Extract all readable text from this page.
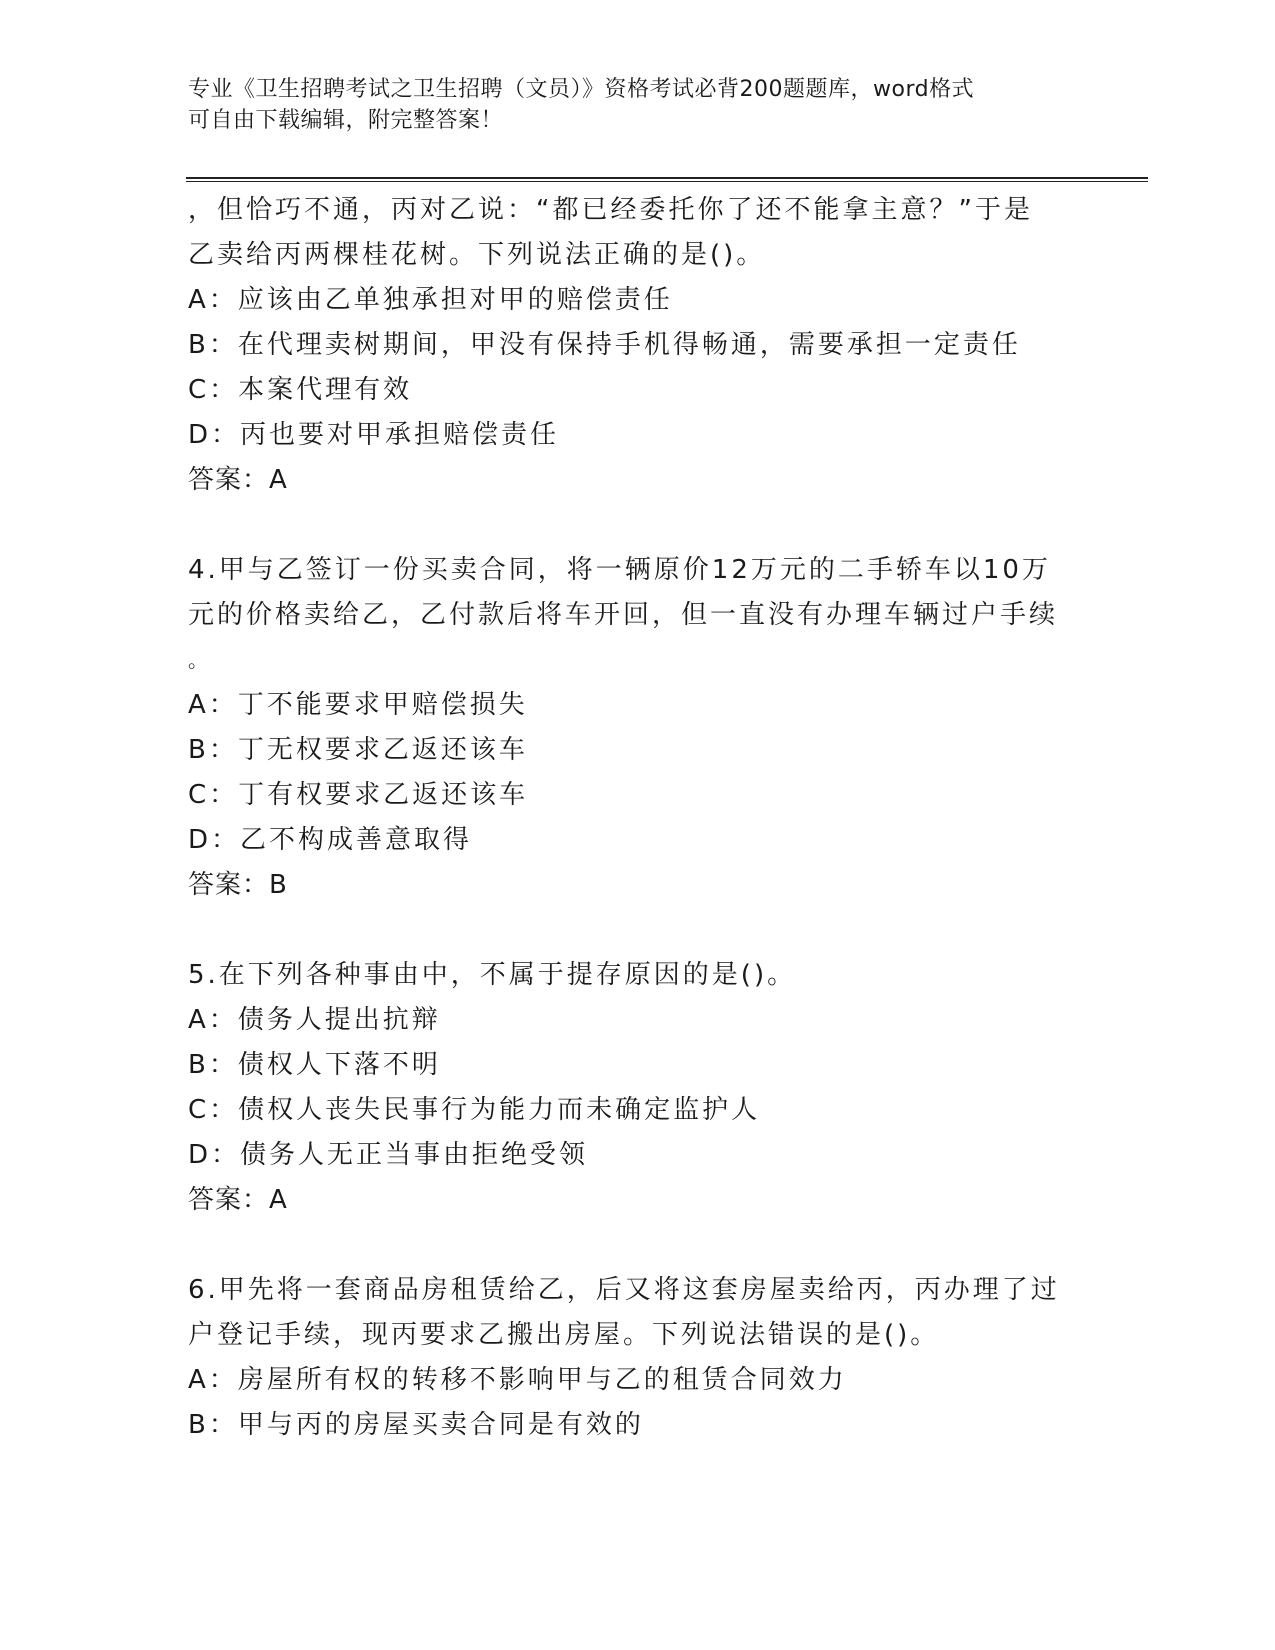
专业《卫生招聘考试之卫生招聘（文员）》资格考试必背200题题库，word格式
可自由下载编辑，附完整答案！
，但恰巧不通，丙对乙说：“都已经委托你了还不能拿主意？”于是
乙卖给丙两棵桂花树。下列说法正确的是()。
A：应该由乙单独承担对甲的赔偿责任
B：在代理卖树期间，甲没有保持手机得畅通，需要承担一定责任
C：本案代理有效
D：丙也要对甲承担赔偿责任
答案：A
4.甲与乙签订一份买卖合同，将一辆原价12万元的二手轿车以10万
元的价格卖给乙，乙付款后将车开回，但一直没有办理车辆过户手续
。
A：丁不能要求甲赔偿损失
B：丁无权要求乙返还该车
C：丁有权要求乙返还该车
D：乙不构成善意取得
答案：B
5.在下列各种事由中，不属于提存原因的是()。
A：债务人提出抗辩
B：债权人下落不明
C：债权人丧失民事行为能力而未确定监护人
D：债务人无正当事由拒绝受领
答案：A
6.甲先将一套商品房租赁给乙，后又将这套房屋卖给丙，丙办理了过
户登记手续，现丙要求乙搬出房屋。下列说法错误的是()。
A：房屋所有权的转移不影响甲与乙的租赁合同效力
B：甲与丙的房屋买卖合同是有效的
